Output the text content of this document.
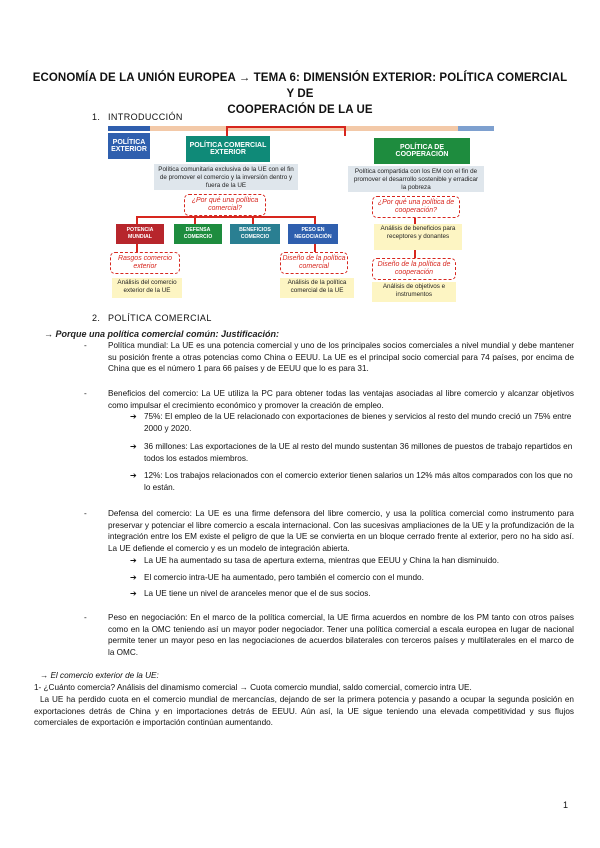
ECONOMÍA DE LA UNIÓN EUROPEA → TEMA 6: DIMENSIÓN EXTERIOR: POLÍTICA COMERCIAL Y DE
COOPERACIÓN DE LA UE
1. INTRODUCCIÓN
POLÍTICA EXTERIOR
POLÍTICA COMERCIAL EXTERIOR
POLÍTICA DE COOPERACIÓN
Política comunitaria exclusiva de la UE con el fin de promover el comercio y la inversión dentro y fuera de la UE
Política compartida con los EM con el fin de promover el desarrollo sostenible y erradicar la pobreza
¿Por qué una política comercial?
¿Por qué una política de cooperación?
POTENCIA MUNDIAL
DEFENSA COMERCIO
BENEFICIOS COMERCIO
PESO EN NEGOCIACIÓN
Análisis de beneficios para receptores y donantes
Rasgos comercio exterior
Diseño de la política comercial	Diseño de la política de cooperación
Análisis del comercio exterior de la UE
Análisis de la política comercial de la UE
Análisis de objetivos e instrumentos
2. POLÍTICA COMERCIAL
→ Porque una política comercial común: Justificación:
-	Política mundial: La UE es una potencia comercial y uno de los principales socios comerciales a nivel mundial y debe mantener su posición frente a otras potencias como China o EEUU. La UE es el principal socio comercial para 74 países, por encima de China que es el número 1 para 66 países y de EEUU que lo es para 31.
-	Beneficios del comercio: La UE utiliza la PC para obtener todas las ventajas asociadas al libre comercio y alcanzar objetivos como impulsar el crecimiento económico y promover la creación de empleo.
➔ 75%: El empleo de la UE relacionado con exportaciones de bienes y servicios al resto del mundo creció un 75% entre 2000 y 2020.
➔ 36 millones: Las exportaciones de la UE al resto del mundo sustentan 36 millones de puestos de trabajo repartidos en todos los estados miembros.
➔ 12%: Los trabajos relacionados con el comercio exterior tienen salarios un 12% más altos comparados con los que no lo están.
-	Defensa del comercio: La UE es una firme defensora del libre comercio, y usa la política comercial como instrumento para preservar y potenciar el libre comercio a escala internacional. Con las sucesivas ampliaciones de la UE y la profundización de la integración entre los EM existe el peligro de que la UE se convierta en un bloque cerrado frente al exterior, pero no ha sido así. La UE defiende el comercio y es un modelo de integración abierta.
➔ La UE ha aumentado su tasa de apertura externa, mientras que EEUU y China la han disminuido.
➔ El comercio intra-UE ha aumentado, pero también el comercio con el mundo.
➔ La UE tiene un nivel de aranceles menor que el de sus socios.
-	Peso en negociación: En el marco de la política comercial, la UE firma acuerdos en nombre de los PM tanto con otros países como en la OMC teniendo así un mayor poder negociador. Tener una política comercial a escala europea en lugar de nacional permite tener un mayor peso en las negociaciones de acuerdos bilaterales con terceros países y multilaterales en el marco de la OMC.
→ El comercio exterior de la UE:
1- ¿Cuánto comercia? Análisis del dinamismo comercial → Cuota comercio mundial, saldo comercial, comercio intra UE.
La UE ha perdido cuota en el comercio mundial de mercancías, dejando de ser la primera potencia y pasando a ocupar la segunda posición en exportaciones detrás de China y en importaciones detrás de EEUU. Aún así, la UE sigue teniendo una elevada competitividad y sus flujos comerciales de exportación e importación continúan aumentando.
1
